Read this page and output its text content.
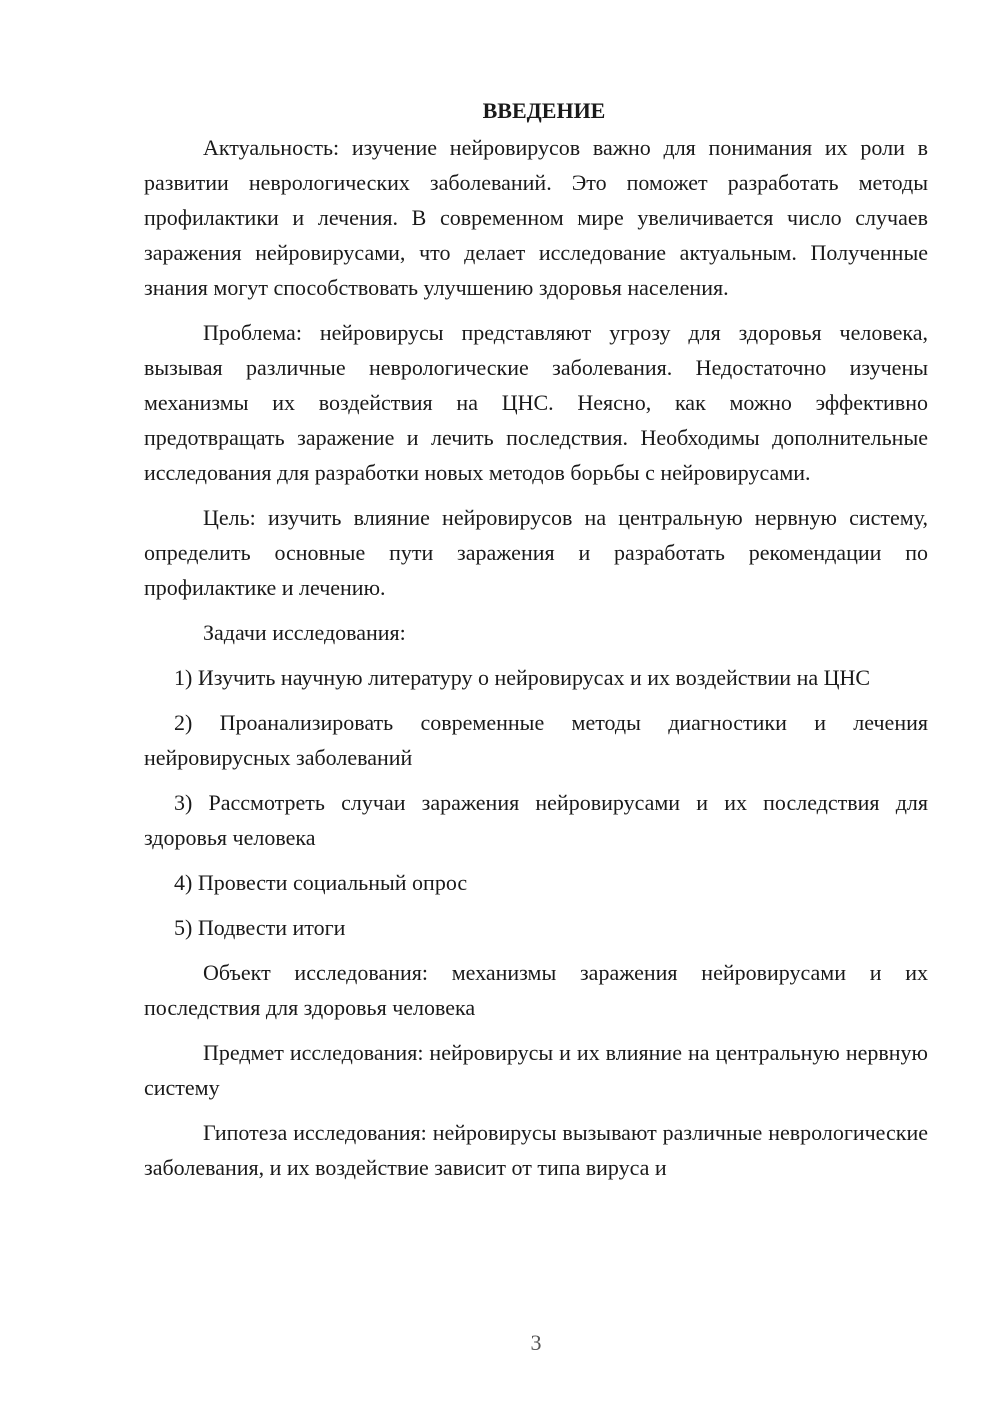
ВВЕДЕНИЕ

Актуальность: изучение нейровирусов важно для понимания их роли в развитии неврологических заболеваний. Это поможет разработать методы профилактики и лечения. В современном мире увеличивается число случаев заражения нейровирусами, что делает исследование актуальным. Полученные знания могут способствовать улучшению здоровья населения.

Проблема: нейровирусы представляют угрозу для здоровья человека, вызывая различные неврологические заболевания. Недостаточно изучены механизмы их воздействия на ЦНС. Неясно, как можно эффективно предотвращать заражение и лечить последствия. Необходимы дополнительные исследования для разработки новых методов борьбы с нейровирусами.

Цель: изучить влияние нейровирусов на центральную нервную систему, определить основные пути заражения и разработать рекомендации по профилактике и лечению.

Задачи исследования:

1) Изучить научную литературу о нейровирусах и их воздействии на ЦНС

2) Проанализировать современные методы диагностики и лечения нейровирусных заболеваний

3) Рассмотреть случаи заражения нейровирусами и их последствия для здоровья человека

4) Провести социальный опрос

5) Подвести итоги

Объект исследования: механизмы заражения нейровирусами и их последствия для здоровья человека

Предмет исследования: нейровирусы и их влияние на центральную нервную систему

Гипотеза исследования: нейровирусы вызывают различные неврологические заболевания, и их воздействие зависит от типа вируса и

3
